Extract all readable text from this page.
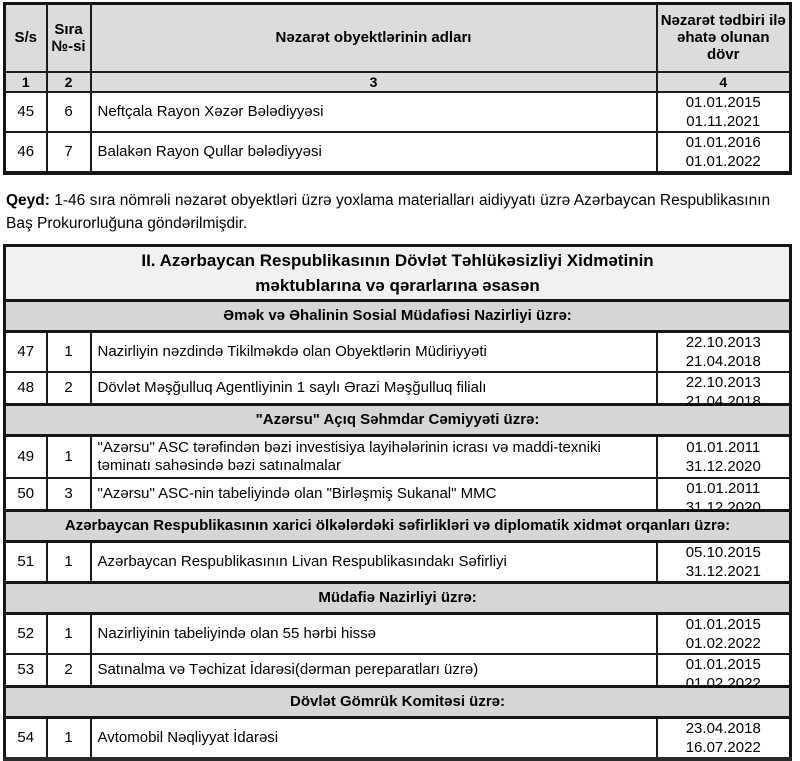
S/s	Sıra №-si	Nəzarət obyektlərinin adları	Nəzarət tədbiri ilə əhatə olunan dövr
1	2	3	4
45	6	Neftçala Rayon Xəzər Bələdiyyəsi	01.01.2015
01.11.2021

46	7	Balakən Rayon Qullar bələdiyyəsi	01.01.2016
01.01.2022

Qeyd: 1-46 sıra nömrəli nəzarət obyektləri üzrə yoxlama materialları aidiyyatı üzrə Azərbaycan Respublikasının Baş Prokurorluğuna göndərilmişdir.

II. Azərbaycan Respublikasının Dövlət Təhlükəsizliyi Xidmətinin
məktublarına və qərarlarına əsasən			

Əmək və Əhalinin Sosial Müdafiəsi Nazirliyi üzrə:			
47	1	Nazirliyin nəzdində Tikilməkdə olan Obyektlərin Müdiriyyəti	22.10.2013
21.04.2018

48	2	Dövlət Məşğulluq Agentliyinin 1 saylı Ərazi Məşğulluq filialı	22.10.2013
21.04.2018

"Azərsu" Açıq Səhmdar Cəmiyyəti üzrə:			
49	1	"Azərsu" ASC tərəfindən bəzi investisiya layihələrinin icrası və maddi-texniki təminatı sahəsində bəzi satınalmalar	01.01.2011
31.12.2020

50	3	"Azərsu" ASC-nin tabeliyində olan "Birləşmiş Sukanal" MMC	01.01.2011
31.12.2020

Azərbaycan Respublikasının xarici ölkələrdəki səfirlikləri və diplomatik xidmət orqanları üzrə:			
51	1	Azərbaycan Respublikasının Livan Respublikasındakı Səfirliyi	05.10.2015
31.12.2021

Müdafiə Nazirliyi üzrə:			
52	1	Nazirliyinin tabeliyində olan 55 hərbi hissə	01.01.2015
01.02.2022

53	2	Satınalma və Təchizat İdarəsi(dərman pereparatları üzrə)	01.01.2015
01.02.2022

Dövlət Gömrük Komitəsi üzrə:			
54	1	Avtomobil Nəqliyyat İdarəsi	23.04.2018
16.07.2022
